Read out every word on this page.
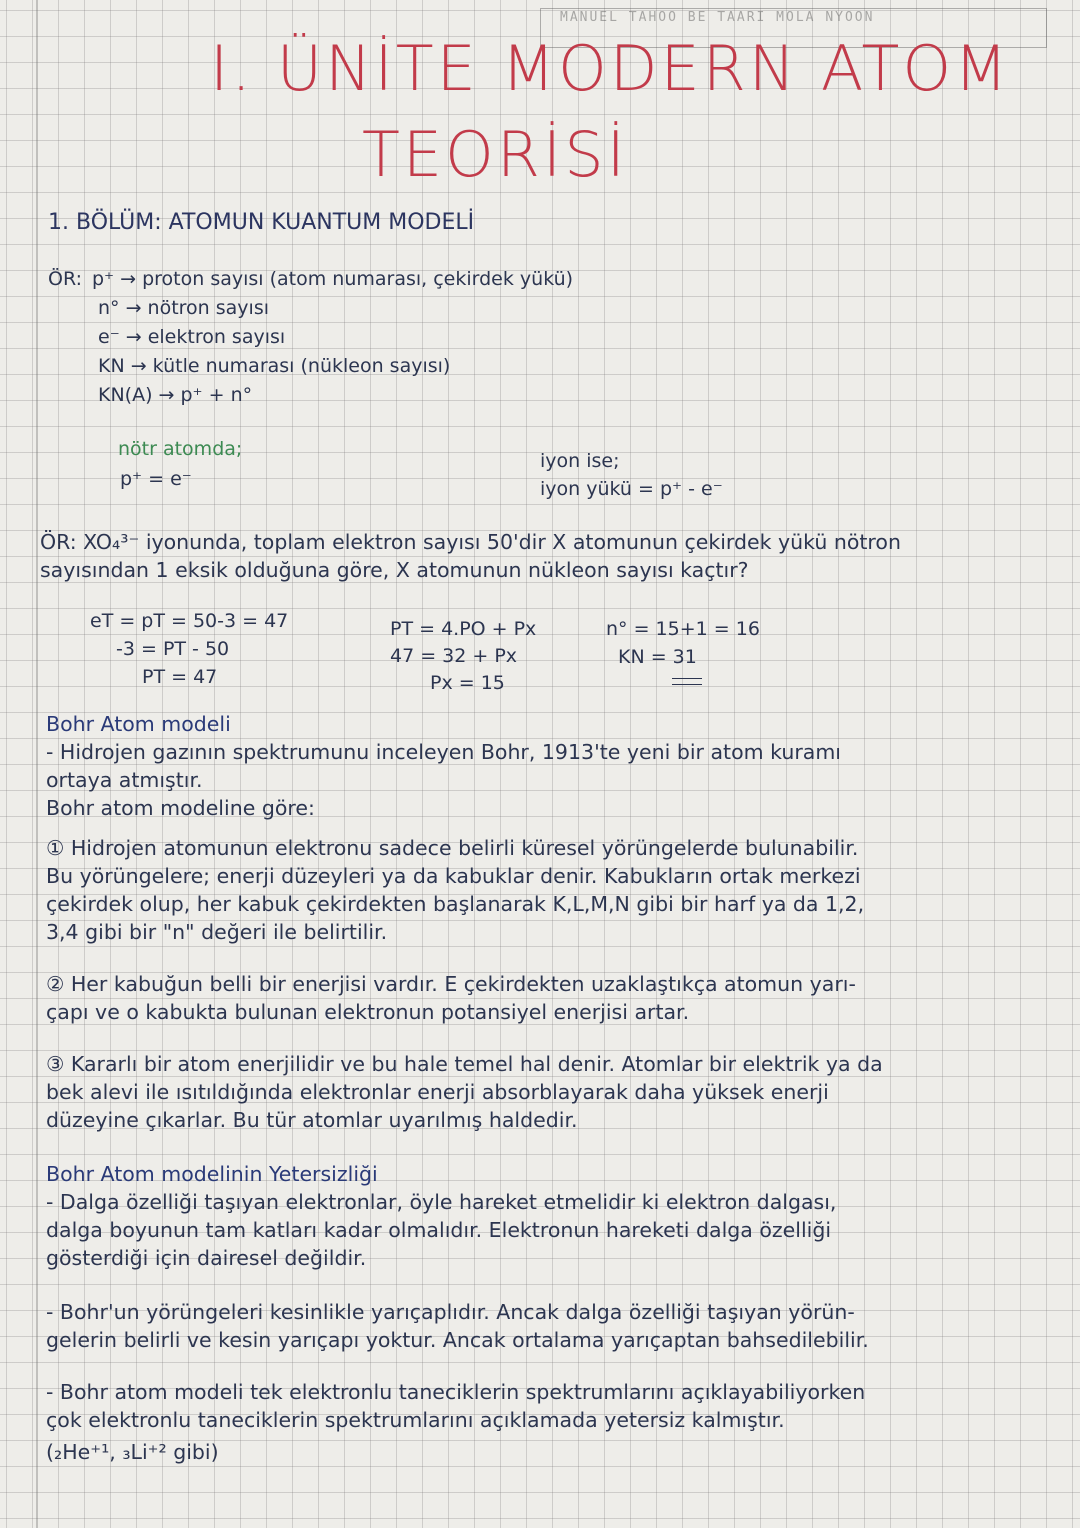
MANUEL TAHOO BE TAARI MOLA NYOON
I. ÜNİTE MODERN ATOM
TEORİSİ
1. BÖLÜM: ATOMUN KUANTUM MODELİ
ÖR: p⁺ → proton sayısı (atom numarası, çekirdek yükü)
n° → nötron sayısı
e⁻ → elektron sayısı
KN → kütle numarası (nükleon sayısı)
KN(A) → p⁺ + n°
nötr atomda;
p⁺ = e⁻
iyon ise;
iyon yükü = p⁺ - e⁻
ÖR: XO₄³⁻ iyonunda, toplam elektron sayısı 50'dir X atomunun çekirdek yükü nötron
sayısından 1 eksik olduğuna göre, X atomunun nükleon sayısı kaçtır?
eT = pT = 50-3 = 47
-3 = PT - 50
PT = 47
PT = 4.PO + Px
47 = 32 + Px
Px = 15
n° = 15+1 = 16
KN = 31
Bohr Atom modeli
- Hidrojen gazının spektrumunu inceleyen Bohr, 1913'te yeni bir atom kuramı
ortaya atmıştır.
Bohr atom modeline göre:
① Hidrojen atomunun elektronu sadece belirli küresel yörüngelerde bulunabilir.
Bu yörüngelere; enerji düzeyleri ya da kabuklar denir. Kabukların ortak merkezi
çekirdek olup, her kabuk çekirdekten başlanarak K,L,M,N gibi bir harf ya da 1,2,
3,4 gibi bir "n" değeri ile belirtilir.
② Her kabuğun belli bir enerjisi vardır. E çekirdekten uzaklaştıkça atomun yarı-
çapı ve o kabukta bulunan elektronun potansiyel enerjisi artar.
③ Kararlı bir atom enerjilidir ve bu hale temel hal denir. Atomlar bir elektrik ya da
bek alevi ile ısıtıldığında elektronlar enerji absorblayarak daha yüksek enerji
düzeyine çıkarlar. Bu tür atomlar uyarılmış haldedir.
Bohr Atom modelinin Yetersizliği
- Dalga özelliği taşıyan elektronlar, öyle hareket etmelidir ki elektron dalgası,
dalga boyunun tam katları kadar olmalıdır. Elektronun hareketi dalga özelliği
gösterdiği için dairesel değildir.
- Bohr'un yörüngeleri kesinlikle yarıçaplıdır. Ancak dalga özelliği taşıyan yörün-
gelerin belirli ve kesin yarıçapı yoktur. Ancak ortalama yarıçaptan bahsedilebilir.
- Bohr atom modeli tek elektronlu taneciklerin spektrumlarını açıklayabiliyorken
çok elektronlu taneciklerin spektrumlarını açıklamada yetersiz kalmıştır.
(₂He⁺¹, ₃Li⁺² gibi)
